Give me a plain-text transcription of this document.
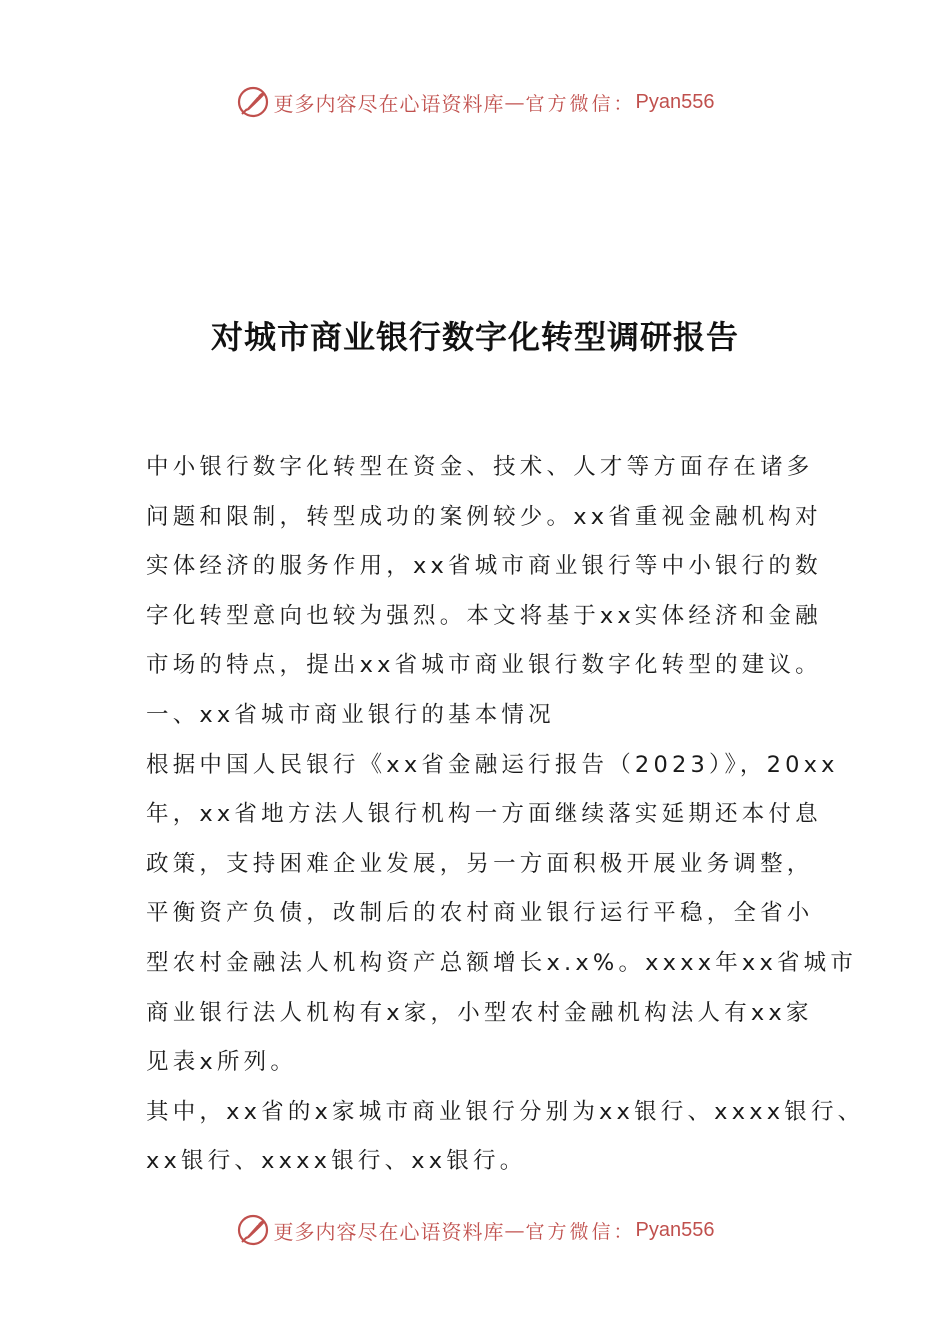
更多内容尽在心语资料库 — 官方微信： Pyan556
对城市商业银行数字化转型调研报告
中小银行数字化转型在资金、技术、人才等方面存在诸多
问题和限制，转型成功的案例较少。xx省重视金融机构对
实体经济的服务作用，xx省城市商业银行等中小银行的数
字化转型意向也较为强烈。本文将基于xx实体经济和金融
市场的特点，提出xx省城市商业银行数字化转型的建议。
一、xx省城市商业银行的基本情况
根据中国人民银行《xx省金融运行报告（2023）》，20xx
年，xx省地方法人银行机构一方面继续落实延期还本付息
政策，支持困难企业发展，另一方面积极开展业务调整，
平衡资产负债，改制后的农村商业银行运行平稳，全省小
型农村金融法人机构资产总额增长x.x%。xxxx年xx省城市
商业银行法人机构有x家，小型农村金融机构法人有xx家
见表x所列。
其中，xx省的x家城市商业银行分别为xx银行、xxxx银行、
xx银行、xxxx银行、xx银行。
更多内容尽在心语资料库 — 官方微信： Pyan556
